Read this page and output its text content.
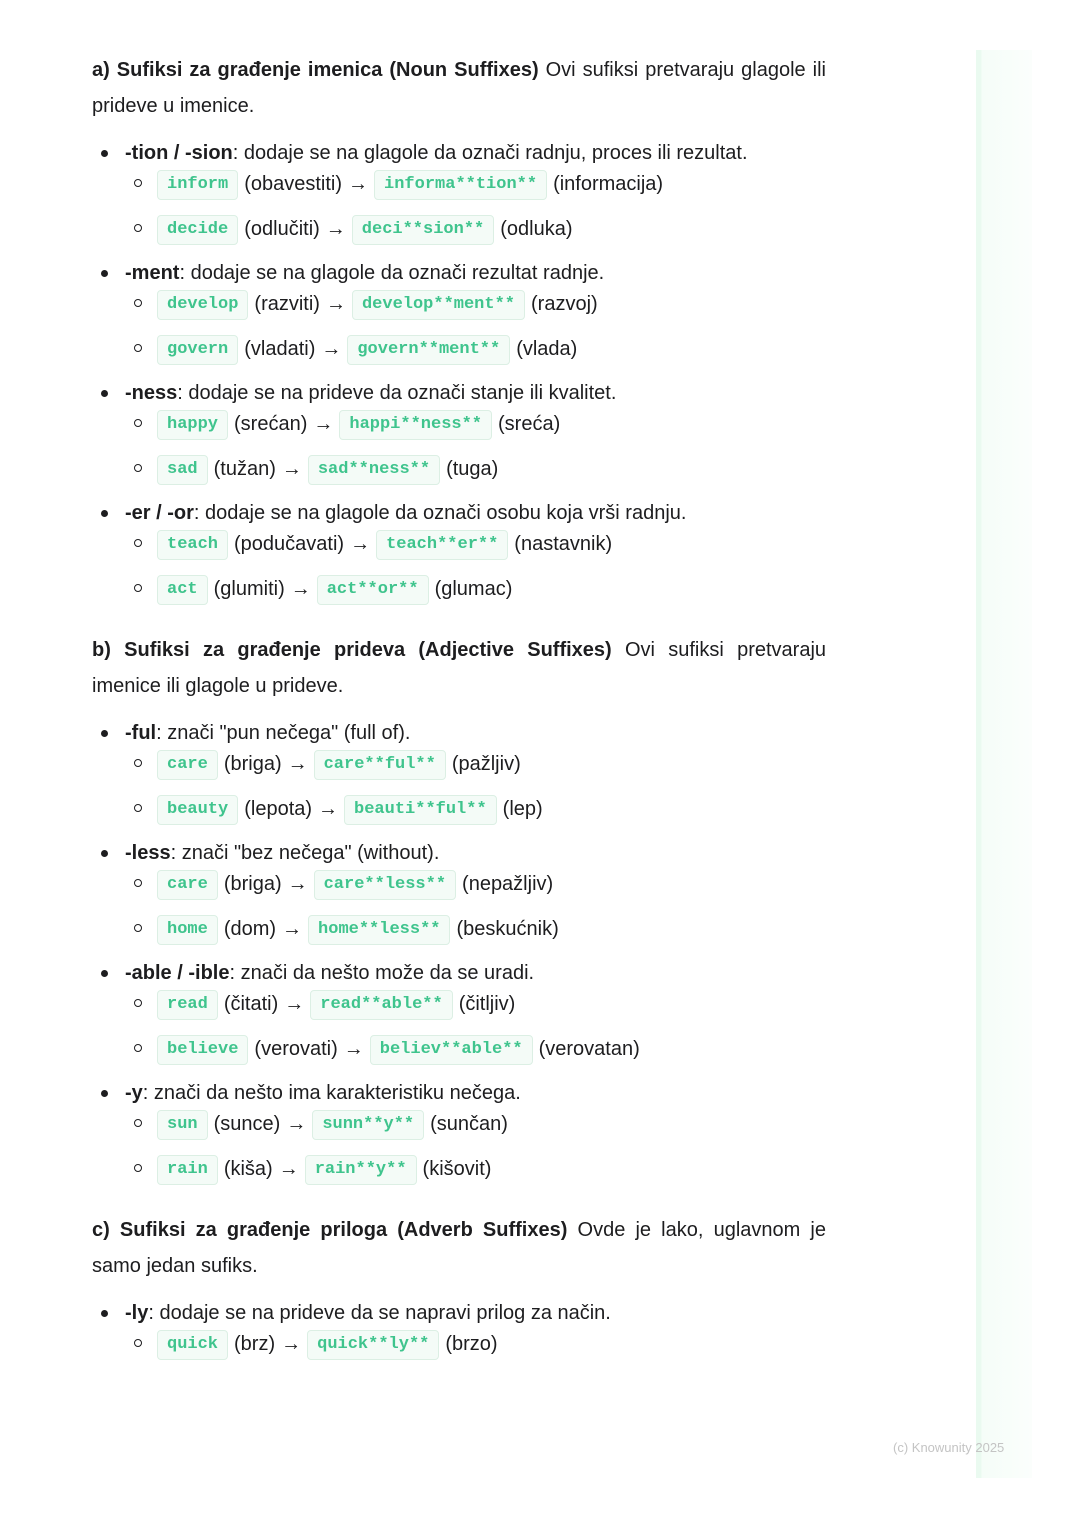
a) Sufiksi za građenje imenica (Noun Suffixes) Ovi sufiksi pretvaraju glagole ili prideve u imenice.

-tion / -sion: dodaje se na glagole da označi radnju, proces ili rezultat.
inform (obavestiti) → informa**tion** (informacija)
decide (odlučiti) → deci**sion** (odluka)
-ment: dodaje se na glagole da označi rezultat radnje.
develop (razviti) → develop**ment** (razvoj)
govern (vladati) → govern**ment** (vlada)
-ness: dodaje se na prideve da označi stanje ili kvalitet.
happy (srećan) → happi**ness** (sreća)
sad (tužan) → sad**ness** (tuga)
-er / -or: dodaje se na glagole da označi osobu koja vrši radnju.
teach (podučavati) → teach**er** (nastavnik)
act (glumiti) → act**or** (glumac)

b) Sufiksi za građenje prideva (Adjective Suffixes) Ovi sufiksi pretvaraju imenice ili glagole u prideve.

-ful: znači "pun nečega" (full of).
care (briga) → care**ful** (pažljiv)
beauty (lepota) → beauti**ful** (lep)
-less: znači "bez nečega" (without).
care (briga) → care**less** (nepažljiv)
home (dom) → home**less** (beskućnik)
-able / -ible: znači da nešto može da se uradi.
read (čitati) → read**able** (čitljiv)
believe (verovati) → believ**able** (verovatan)
-y: znači da nešto ima karakteristiku nečega.
sun (sunce) → sunn**y** (sunčan)
rain (kiša) → rain**y** (kišovit)

c) Sufiksi za građenje priloga (Adverb Suffixes) Ovde je lako, uglavnom je samo jedan sufiks.

-ly: dodaje se na prideve da se napravi prilog za način.
quick (brz) → quick**ly** (brzo)
(c) Knowunity 2025
